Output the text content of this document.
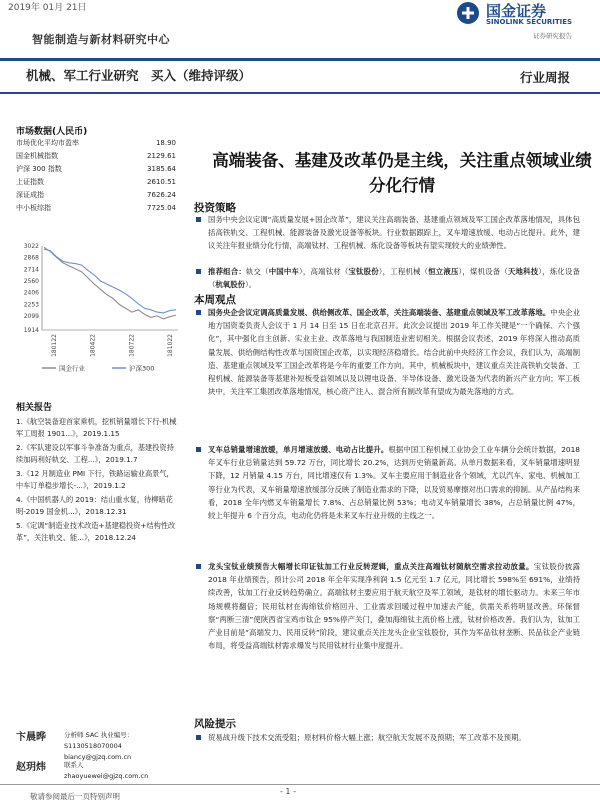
2019年 01月 21日
智能制造与新材料研究中心
国金证券
SINOLINK SECURITIES
证券研究报告
机械、军工行业研究　买入（维持评级）	行业周报
市场数据(人民币)
市场优化平均市盈率	18.90
国金机械指数	2129.61
沪深 300 指数	3185.64
上证指数	2610.51
深证成指	7626.24
中小板综指	7725.04
3022
2868
2714
2560
2406
2253
2099
1914
180122	180422	180722	181022
国金行业	沪深300
相关报告
1.《航空装备迎首家乘机，挖机销量增长下行-机械军工周报 1901...》，2019.1.15
2.《军队建设以军事斗争准备为重点，基建投资持续加码利好轨交、工程...》，2019.1.7
3.《12 月制造业 PMI 下行，铁路运输业高景气，中车订单稳步增长-...》，2019.1.2
4.《中国机器人的 2019：结山重水复，待柳暗花明-2019 国金机...》，2018.12.31
5.《定调“制造业技术改造+基建稳投资+结构性改革”，关注轨交、能...》，2018.12.24
卞晨晔	分析师 SAC 执业编号：S1130518070004
biancy@gjzq.com.cn
赵玥炜	联系人
zhaoyuewei@gjzq.com.cn
高端装备、基建及改革仍是主线，关注重点领域业绩分化行情
投资策略
国务中央会议定调“高质量发展+国企改革”，建议关注高端装备、基建重点领域及军工国企改革落地情况，具体包括高铁轨交、工程机械、能源装备及激光设备等板块。行业数据跟踪上，叉车增速放缓、电动占比提升。此外，建议关注年报业绩分化行情，高端钛材、工程机械、炼化设备等板块有望实现较大的业绩弹性。
推荐组合：轨交（中国中车），高端钛材（宝钛股份），工程机械（恒立液压），煤机设备（天地科技），炼化设备（杭氧股份）。
本周观点
国务央企会议定调高质量发展、供给侧改革、国企改革，关注高端装备、基建重点领域及军工改革落地。中央企业地方国资委负责人会议于 1 月 14 日至 15 日在北京召开。此次会议提出 2019 年工作关键是“一个确保、六个强化”，其中强化自主创新、实业主业、改革落地与我国制造业密切相关。根据会议表述，2019 年将深入推动高质量发展、供给侧结构性改革与国资国企改革，以实现经济稳增长。结合此前中央经济工作会议，我们认为，高端制造、基建重点领域及军工国企改革将是今年的重要工作方向。其中，机械板块中，建议重点关注高铁轨交装备、工程机械、能源装备等基建补短板受益领域以及以锂电设备、半导体设备、激光设备为代表的新兴产业方向；军工板块中，关注军工集团改革落地情况，核心资产注入、混合所有制改革有望成为最先落地的方式。
叉车总销量增速放缓，单月增速放缓、电动占比提升。根据中国工程机械工业协会工业车辆分会统计数据，2018 年叉车行业总销量达到 59.72 万台，同比增长 20.2%，达到历史销量新高。从单月数据来看，叉车销量增速明显下降，12 月销量 4.15 万台，同比增速仅有 1.3%。叉车主要应用于制造业各个领域，尤以汽车、家电、机械加工等行业为代表，叉车销量增速放缓部分反映了制造业需求的下降，以及贸易摩擦对出口需求的抑制。从产品结构来看，2018 全年内燃叉车销量增长 7.8%、占总销量比例 53%；电动叉车销量增长 38%，占总销量比例 47%，较上年提升 6 个百分点，电动化仍将是未来叉车行业升级的主线之一。
龙头宝钛业绩预告大幅增长印证钛加工行业反转逻辑，重点关注高端钛材随航空需求拉动放量。宝钛股份披露 2018 年业绩预告，预计公司 2018 年全年实现净利润 1.5 亿元至 1.7 亿元，同比增长 598%至 691%，业绩持续改善，钛加工行业反转趋势确立。高端钛材主要应用于航天航空及军工领域，是钛材的增长驱动力。未来三年市场规模将翻倍；民用钛材在海绵钛价格回升、工业需求回暖过程中加速去产能，供需关系将明显改善。环保督察“两断三清”使陕西省宝鸡市钛企 95%停产关门，叠加海绵钛主流价格上涨，钛材价格改善。我们认为，钛加工产业目前是“高端发力、民用反转”阶段，建议重点关注龙头企业宝钛股份，其作为军品钛材垄断、民品钛企产业链布局，将受益高端钛材需求爆发与民用钛材行业集中度提升。
风险提示
贸易战升级下技术交流受阻；原材料价格大幅上涨；航空航天发展不及预期；军工改革不及预期。
- 1 -
敬请参阅最后一页特别声明
